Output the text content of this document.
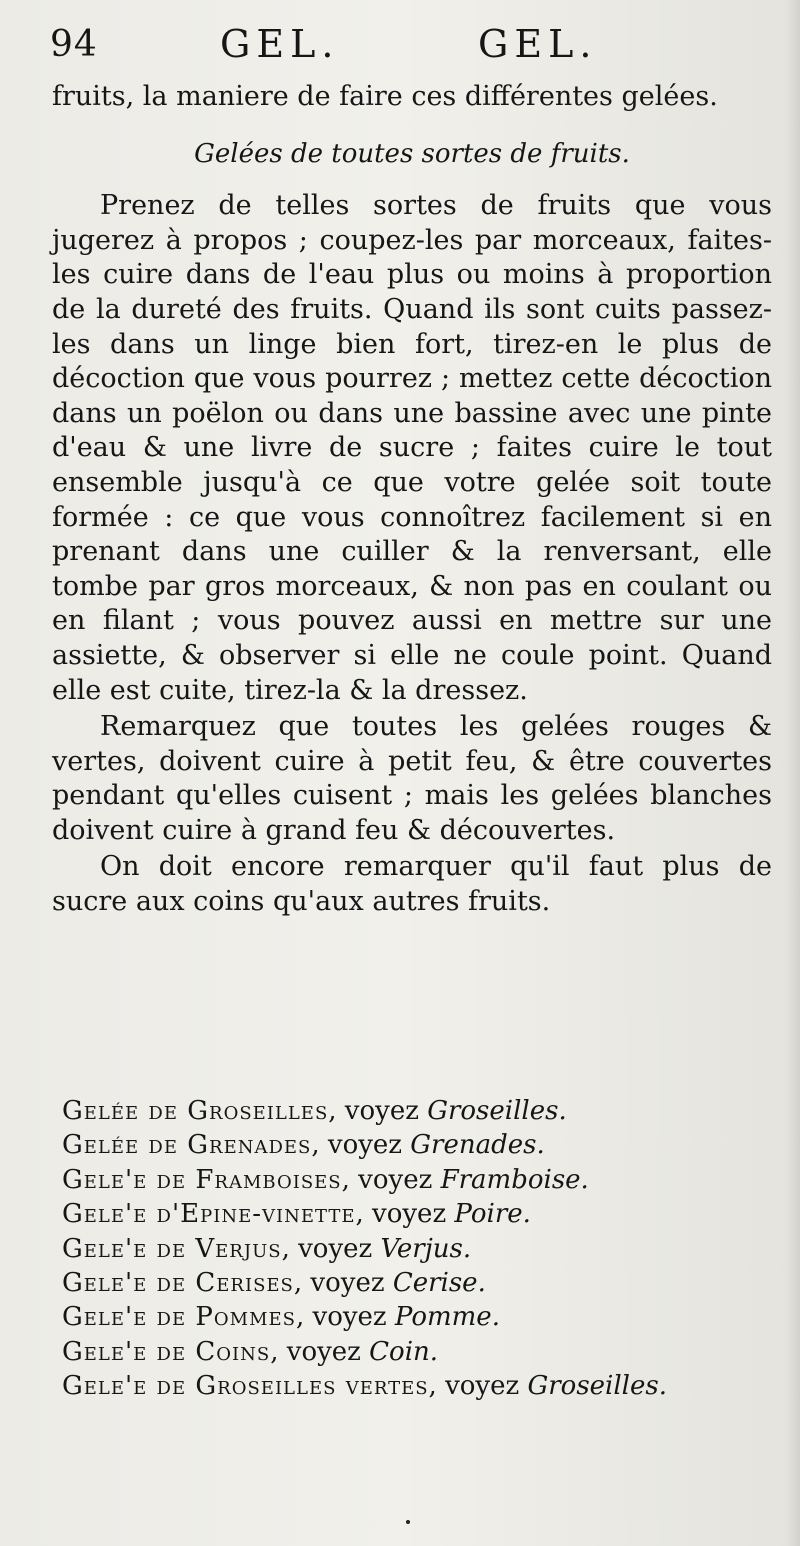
94	GEL.	GEL.

fruits, la maniere de faire ces différentes gelées.

Gelées de toutes sortes de fruits.

Prenez de telles sortes de fruits que vous jugerez à propos ; coupez-les par morceaux, faites-les cuire dans de l'eau plus ou moins à proportion de la dureté des fruits. Quand ils sont cuits passez-les dans un linge bien fort, tirez-en le plus de décoction que vous pourrez ; mettez cette décoction dans un poëlon ou dans une bassine avec une pinte d'eau & une livre de sucre ; faites cuire le tout ensemble jusqu'à ce que votre gelée soit toute formée : ce que vous connoîtrez facilement si en prenant dans une cuiller & la renversant, elle tombe par gros morceaux, & non pas en coulant ou en filant ; vous pouvez aussi en mettre sur une assiette, & observer si elle ne coule point. Quand elle est cuite, tirez-la & la dressez.

Remarquez que toutes les gelées rouges & vertes, doivent cuire à petit feu, & être couvertes pendant qu'elles cuisent ; mais les gelées blanches doivent cuire à grand feu & découvertes.

On doit encore remarquer qu'il faut plus de sucre aux coins qu'aux autres fruits.

Gelée de Groseilles, voyez Groseilles.
Gelée de Grenades, voyez Grenades.
Gele'e de Framboises, voyez Framboise.
Gele'e d'Epine-vinette, voyez Poire.
Gele'e de Verjus, voyez Verjus.
Gele'e de Cerises, voyez Cerise.
Gele'e de Pommes, voyez Pomme.
Gele'e de Coins, voyez Coin.
Gele'e de Groseilles vertes, voyez Groseilles.
